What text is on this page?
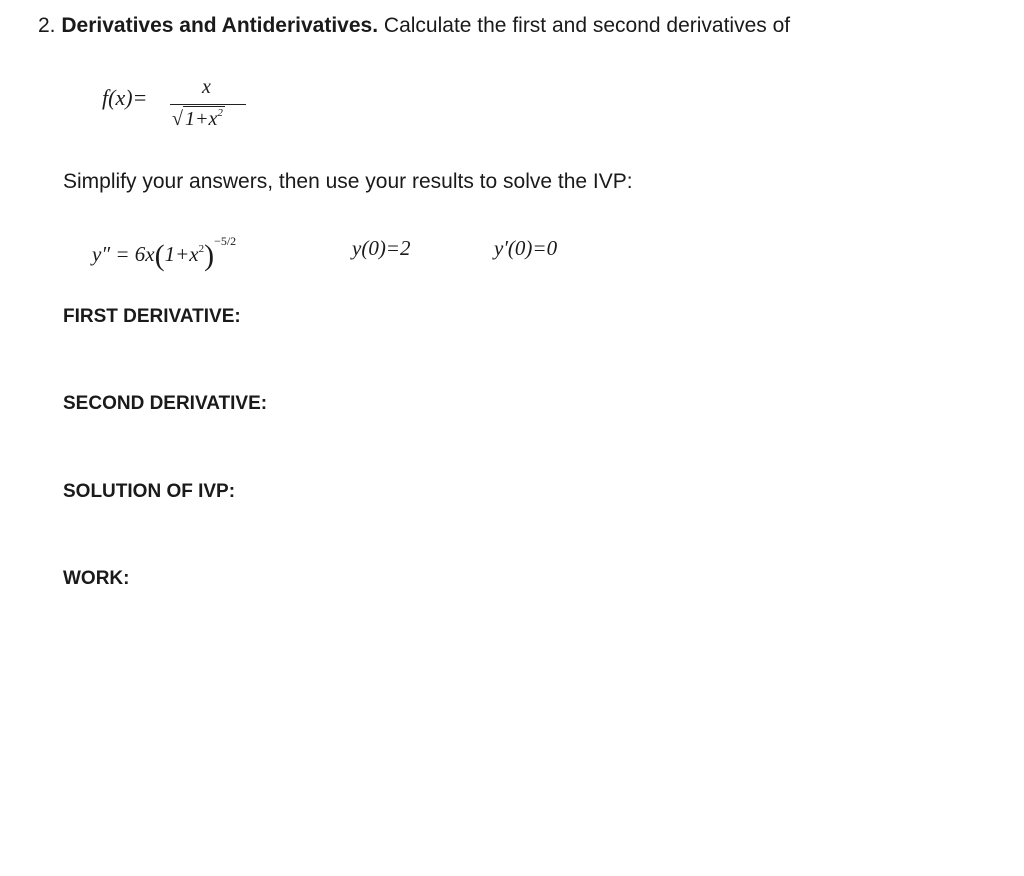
2. Derivatives and Antiderivatives. Calculate the first and second derivatives of
f(x)=	x
√ $1+x^2$
Simplify your answers, then use your results to solve the IVP:
$y'' = 6x(1+x^2)^{-5/2}$	y(0)=2	y′(0)=0
FIRST DERIVATIVE:
SECOND DERIVATIVE:
SOLUTION OF IVP:
WORK:
